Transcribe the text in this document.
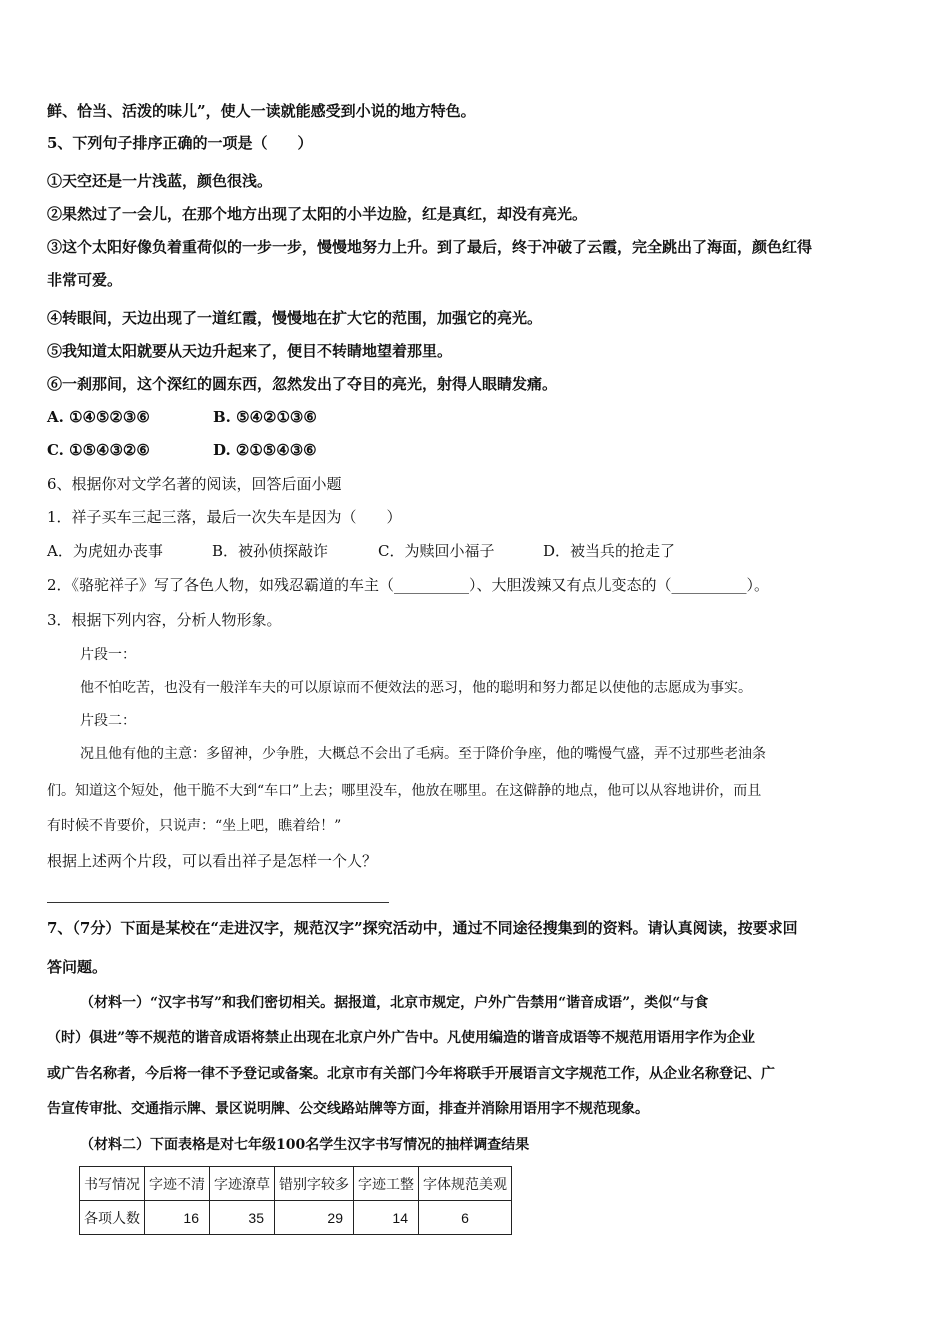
鲜、恰当、活泼的味儿”，使人一读就能感受到小说的地方特色。
5、下列句子排序正确的一项是（　　）
①天空还是一片浅蓝，颜色很浅。
②果然过了一会儿，在那个地方出现了太阳的小半边脸，红是真红，却没有亮光。
③这个太阳好像负着重荷似的一步一步，慢慢地努力上升。到了最后，终于冲破了云霞，完全跳出了海面，颜色红得
非常可爱。
④转眼间，天边出现了一道红霞，慢慢地在扩大它的范围，加强它的亮光。
⑤我知道太阳就要从天边升起来了，便目不转睛地望着那里。
⑥一刹那间，这个深红的圆东西，忽然发出了夺目的亮光，射得人眼睛发痛。
A. ①④⑤②③⑥	B. ⑤④②①③⑥
C. ①⑤④③②⑥	D. ②①⑤④③⑥
6、根据你对文学名著的阅读，回答后面小题
1．祥子买车三起三落，最后一次失车是因为（　　）
A．为虎妞办丧事	B．被孙侦探敲诈	C．为赎回小福子	D．被当兵的抢走了
2．《骆驼祥子》写了各色人物，如残忍霸道的车主（__________）、大胆泼辣又有点儿变态的（__________）。
3．根据下列内容，分析人物形象。
片段一：
他不怕吃苦，也没有一般洋车夫的可以原谅而不便效法的恶习，他的聪明和努力都足以使他的志愿成为事实。
片段二：
况且他有他的主意：多留神，少争胜，大概总不会出了毛病。至于降价争座，他的嘴慢气盛，弄不过那些老油条
们。知道这个短处，他干脆不大到“车口”上去；哪里没车，他放在哪里。在这僻静的地点，他可以从容地讲价，而且
有时候不肯要价，只说声：“坐上吧，瞧着给！”
根据上述两个片段，可以看出祥子是怎样一个人？
7、（7分）下面是某校在“走进汉字，规范汉字”探究活动中，通过不同途径搜集到的资料。请认真阅读，按要求回
答问题。
（材料一）“汉字书写”和我们密切相关。据报道，北京市规定，户外广告禁用“谐音成语”，类似“与食
（时）俱进”等不规范的谐音成语将禁止出现在北京户外广告中。凡使用编造的谐音成语等不规范用语用字作为企业
或广告名称者，今后将一律不予登记或备案。北京市有关部门今年将联手开展语言文字规范工作，从企业名称登记、广
告宣传审批、交通指示牌、景区说明牌、公交线路站牌等方面，排查并消除用语用字不规范现象。
（材料二）下面表格是对七年级100名学生汉字书写情况的抽样调查结果
书写情况	字迹不清	字迹潦草	错别字较多	字迹工整	字体规范美观
各项人数	16	35	29	14	6
